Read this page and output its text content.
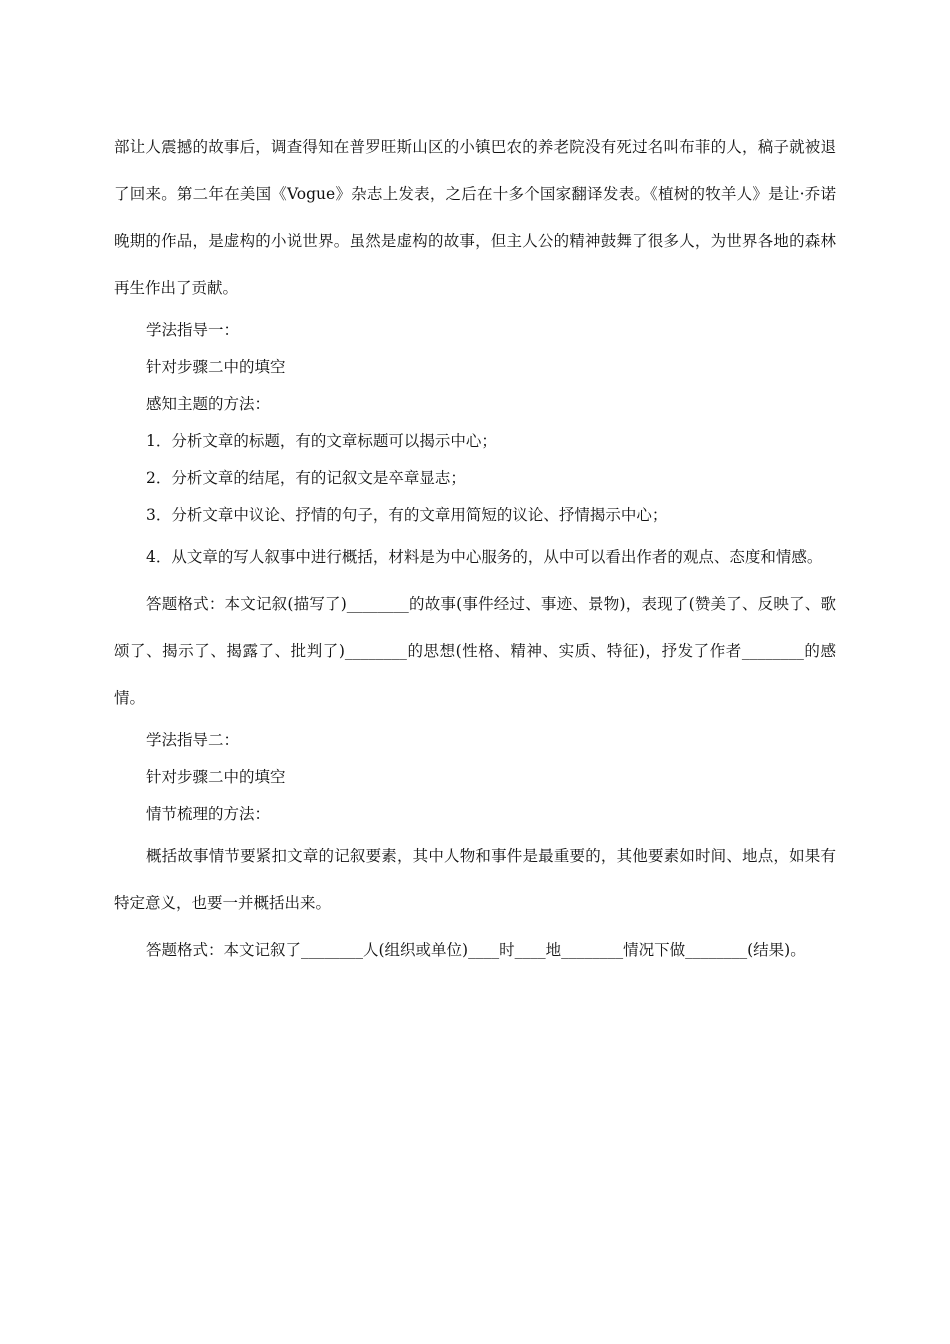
部让人震撼的故事后，调查得知在普罗旺斯山区的小镇巴农的养老院没有死过名叫布菲的人，稿子就被退了回来。第二年在美国《Vogue》杂志上发表，之后在十多个国家翻译发表。《植树的牧羊人》是让·乔诺晚期的作品，是虚构的小说世界。虽然是虚构的故事，但主人公的精神鼓舞了很多人，为世界各地的森林再生作出了贡献。

学法指导一：

针对步骤二中的填空

感知主题的方法：

1．分析文章的标题，有的文章标题可以揭示中心；

2．分析文章的结尾，有的记叙文是卒章显志；

3．分析文章中议论、抒情的句子，有的文章用简短的议论、抒情揭示中心；

4．从文章的写人叙事中进行概括，材料是为中心服务的，从中可以看出作者的观点、态度和情感。

答题格式：本文记叙(描写了)________的故事(事件经过、事迹、景物)，表现了(赞美了、反映了、歌颂了、揭示了、揭露了、批判了)________的思想(性格、精神、实质、特征)，抒发了作者________的感情。

学法指导二：

针对步骤二中的填空

情节梳理的方法：

概括故事情节要紧扣文章的记叙要素，其中人物和事件是最重要的，其他要素如时间、地点，如果有特定意义，也要一并概括出来。

答题格式：本文记叙了________人(组织或单位)____时____地________情况下做________(结果)。
